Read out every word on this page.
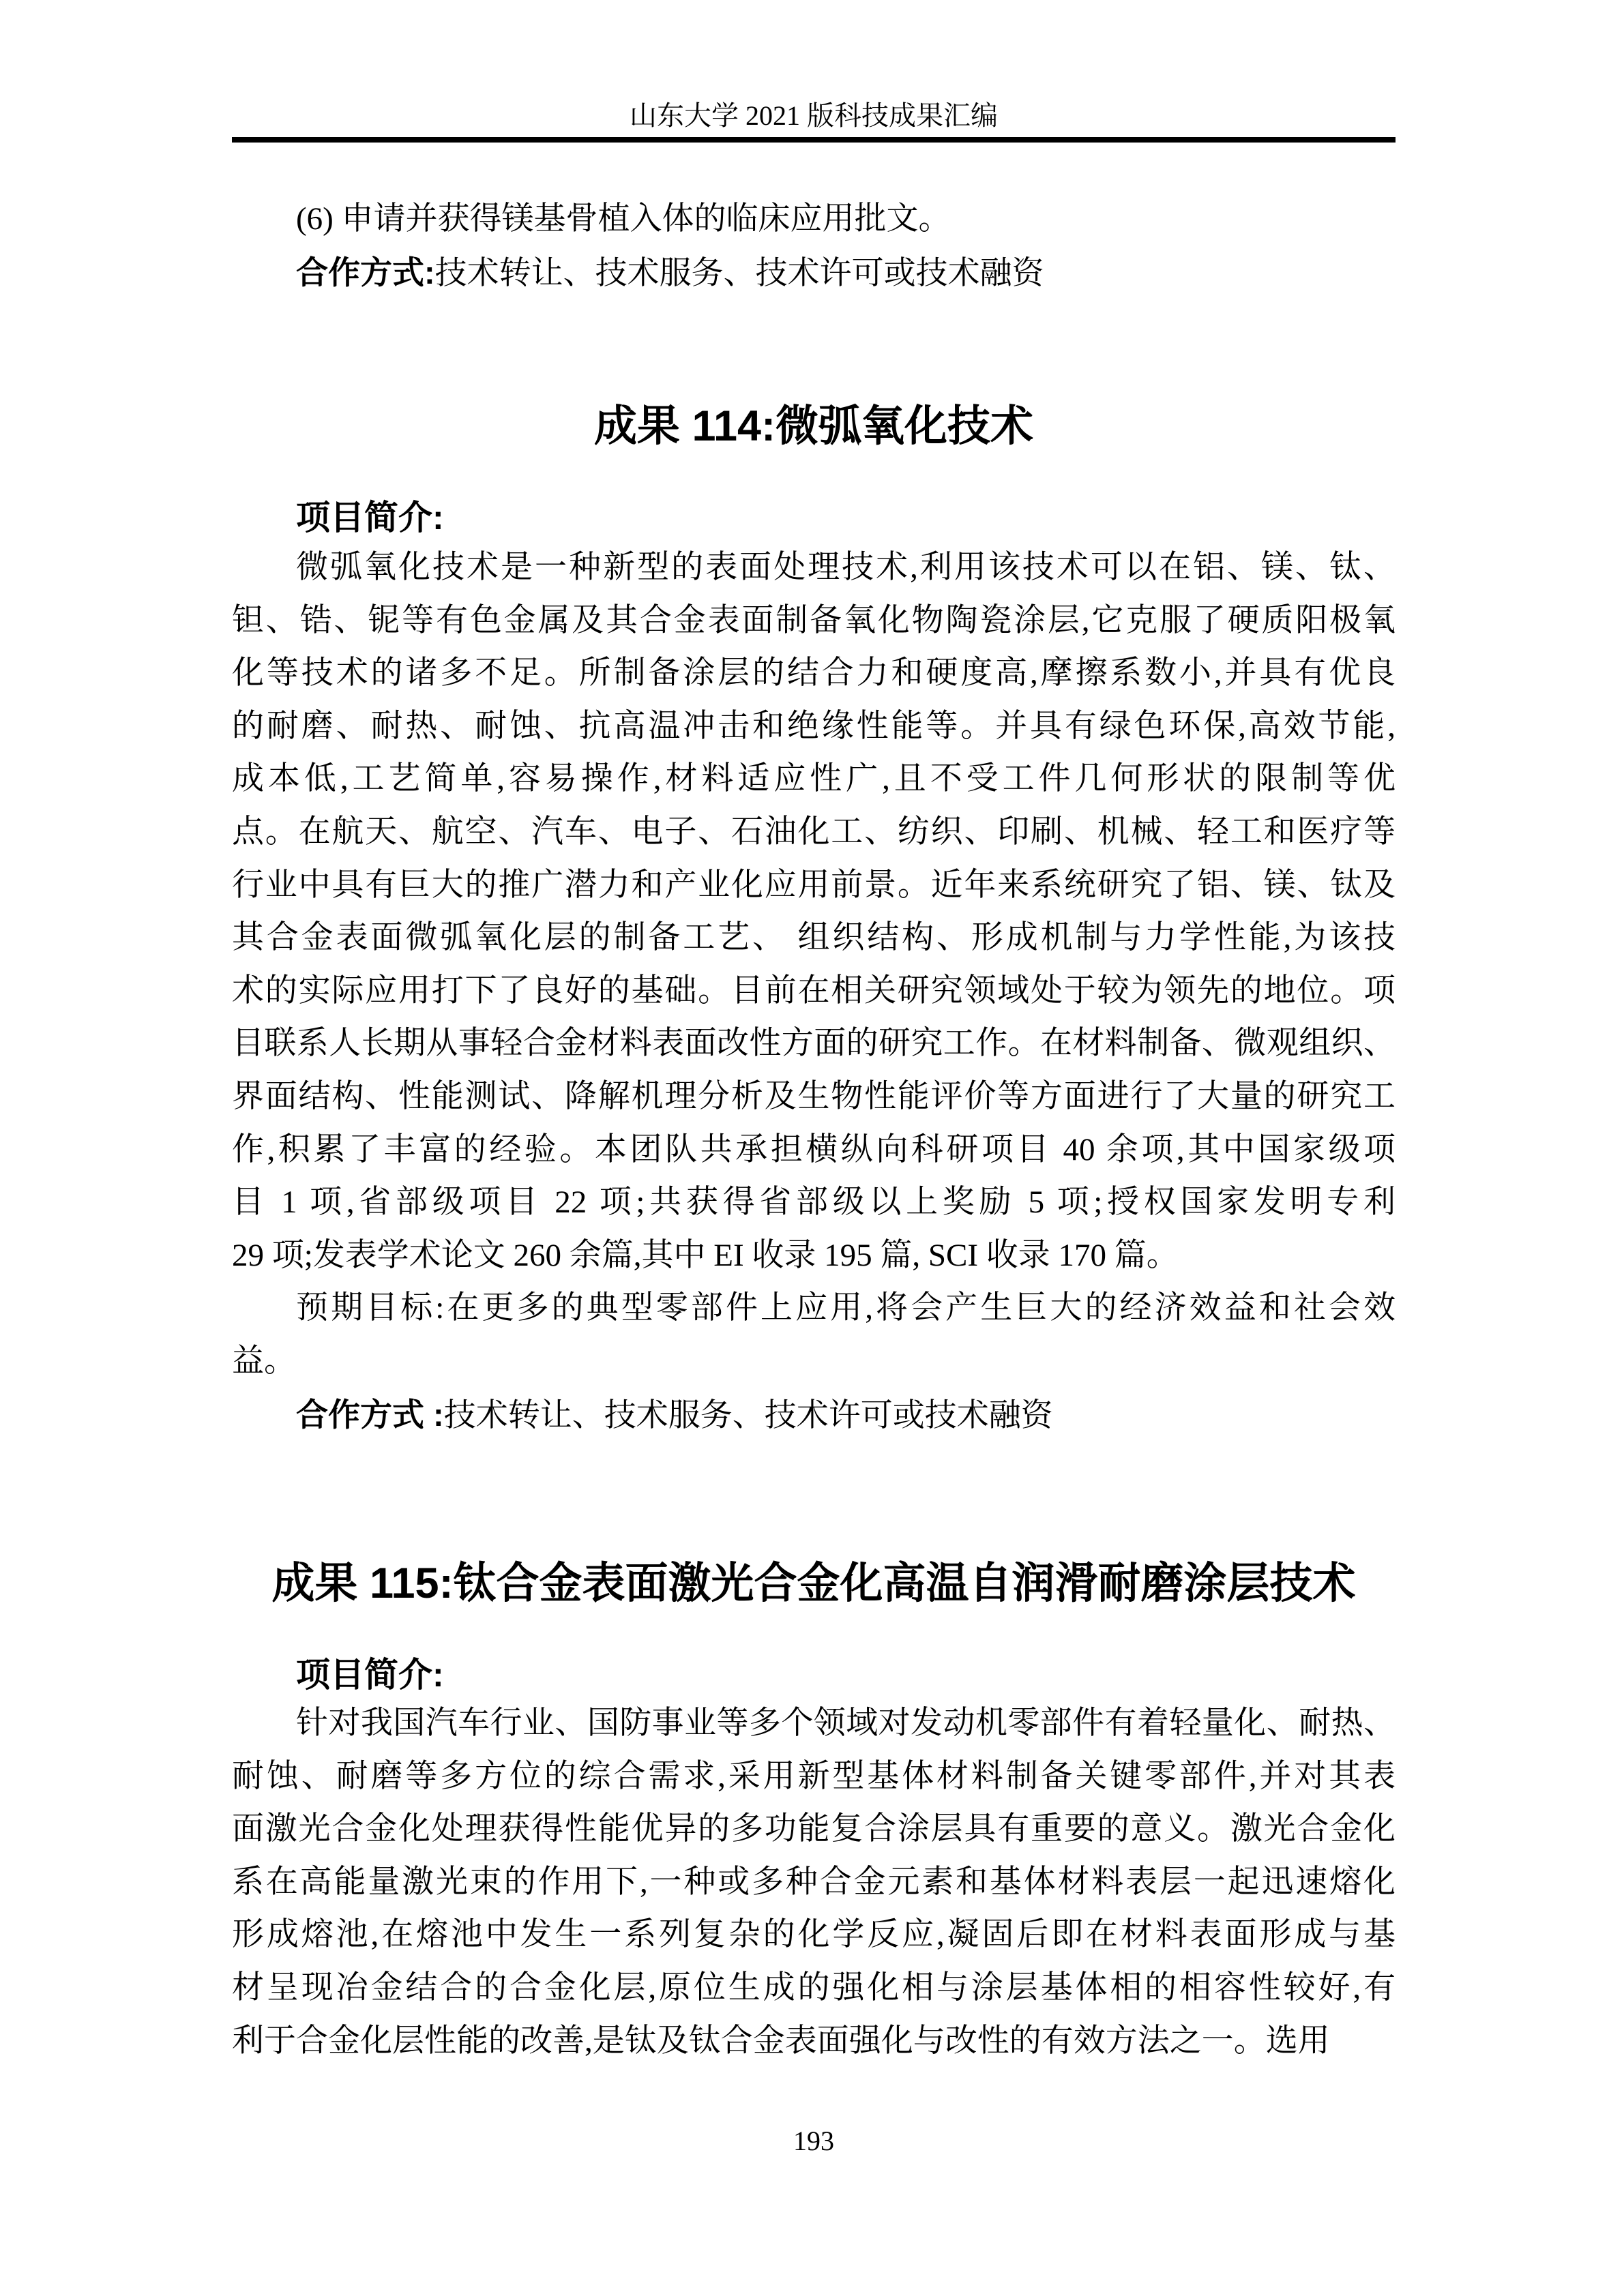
山东大学 2021 版科技成果汇编
(6) 申请并获得镁基骨植入体的临床应用批文。
合作方式:技术转让、技术服务、技术许可或技术融资
成果 114:微弧氧化技术
项目简介:
微弧氧化技术是一种新型的表面处理技术,利用该技术可以在铝、镁、钛、
钽、锆、铌等有色金属及其合金表面制备氧化物陶瓷涂层,它克服了硬质阳极氧
化等技术的诸多不足。所制备涂层的结合力和硬度高,摩擦系数小,并具有优良
的耐磨、耐热、耐蚀、抗高温冲击和绝缘性能等。并具有绿色环保,高效节能,
成本低,工艺简单,容易操作,材料适应性广,且不受工件几何形状的限制等优
点。在航天、航空、汽车、电子、石油化工、纺织、印刷、机械、轻工和医疗等
行业中具有巨大的推广潜力和产业化应用前景。近年来系统研究了铝、镁、钛及
其合金表面微弧氧化层的制备工艺、 组织结构、形成机制与力学性能,为该技
术的实际应用打下了良好的基础。目前在相关研究领域处于较为领先的地位。项
目联系人长期从事轻合金材料表面改性方面的研究工作。在材料制备、微观组织、
界面结构、性能测试、降解机理分析及生物性能评价等方面进行了大量的研究工
作,积累了丰富的经验。本团队共承担横纵向科研项目 40 余项,其中国家级项
目 1 项,省部级项目 22 项;共获得省部级以上奖励 5 项;授权国家发明专利
29 项;发表学术论文 260 余篇,其中 EI 收录 195 篇, SCI 收录 170 篇。
预期目标:在更多的典型零部件上应用,将会产生巨大的经济效益和社会效
益。
合作方式 :技术转让、技术服务、技术许可或技术融资
成果 115:钛合金表面激光合金化高温自润滑耐磨涂层技术
项目简介:
针对我国汽车行业、国防事业等多个领域对发动机零部件有着轻量化、耐热、
耐蚀、耐磨等多方位的综合需求,采用新型基体材料制备关键零部件,并对其表
面激光合金化处理获得性能优异的多功能复合涂层具有重要的意义。激光合金化
系在高能量激光束的作用下,一种或多种合金元素和基体材料表层一起迅速熔化
形成熔池,在熔池中发生一系列复杂的化学反应,凝固后即在材料表面形成与基
材呈现冶金结合的合金化层,原位生成的强化相与涂层基体相的相容性较好,有
利于合金化层性能的改善,是钛及钛合金表面强化与改性的有效方法之一。选用
193
